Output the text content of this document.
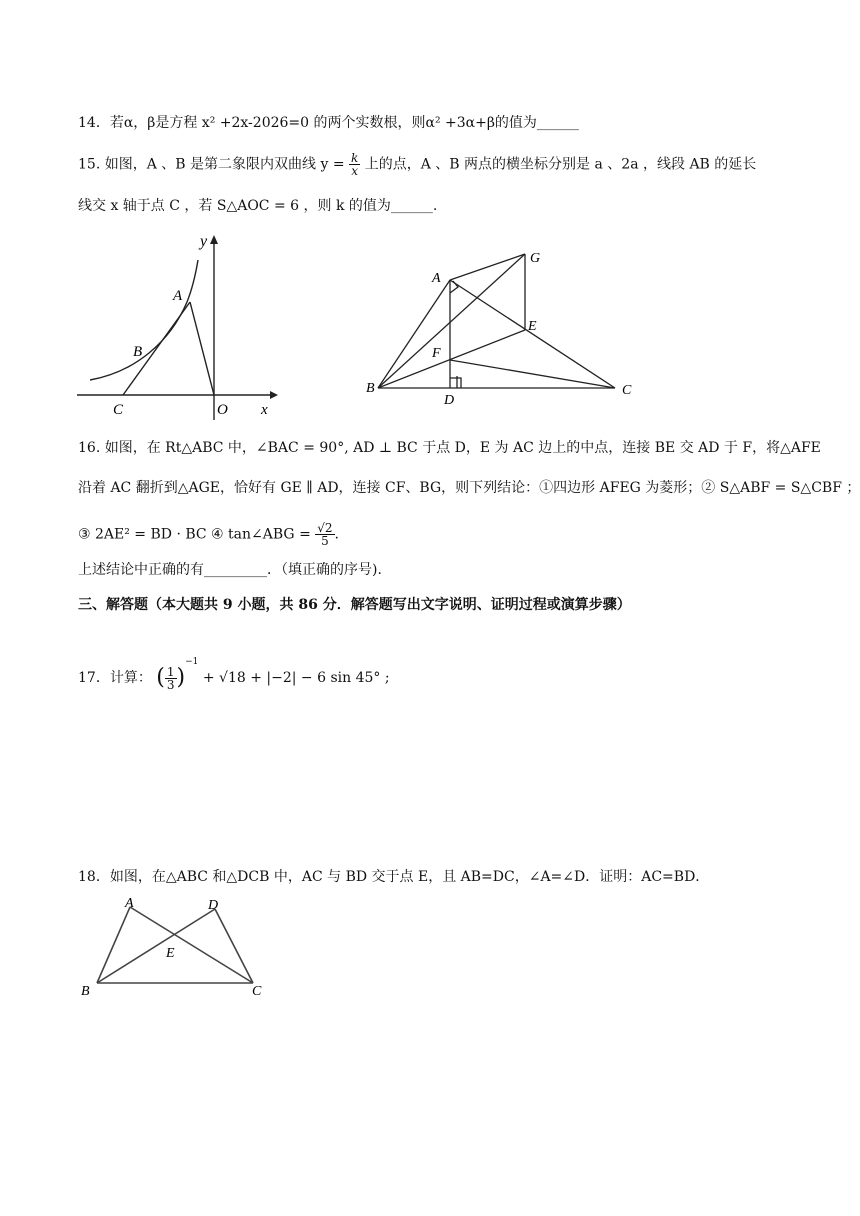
14．若α，β是方程 x² +2x-2026=0 的两个实数根，则α² +3α+β的值为______
15. 如图，A 、B 是第二象限内双曲线 $y = \frac{k}{x}$ 上的点，A 、B 两点的横坐标分别是 a 、2a ，线段 AB 的延长
线交 x 轴于点 C ，若 S△AOC = 6 ，则 k 的值为______.
y
A
B
C	O x
A
G
E
F
B
D
C
16. 如图，在 Rt△ABC 中，∠BAC = 90°, AD ⊥ BC 于点 D，E 为 AC 边上的中点，连接 BE 交 AD 于 F，将△AFE
沿着 AC 翻折到△AGE，恰好有 GE ∥ AD，连接 CF、BG，则下列结论：①四边形 AFEG 为菱形；② S△ABF = S△CBF ；
③ 2AE² = BD · BC ④ tan∠ABG = $\frac{√2}{5}$ .
上述结论中正确的有_________．（填正确的序号).
三、解答题（本大题共 9 小题，共 86 分．解答题写出文字说明、证明过程或演算步骤）
17．计算： ( $\frac{1}{3} )^{-1} + √18 + |-2| - 6$ sin 45° ;
18．如图，在△ABC 和△DCB 中，AC 与 BD 交于点 E，且 AB=DC，∠A=∠D．证明：AC=BD．
A	D
E
B	C
